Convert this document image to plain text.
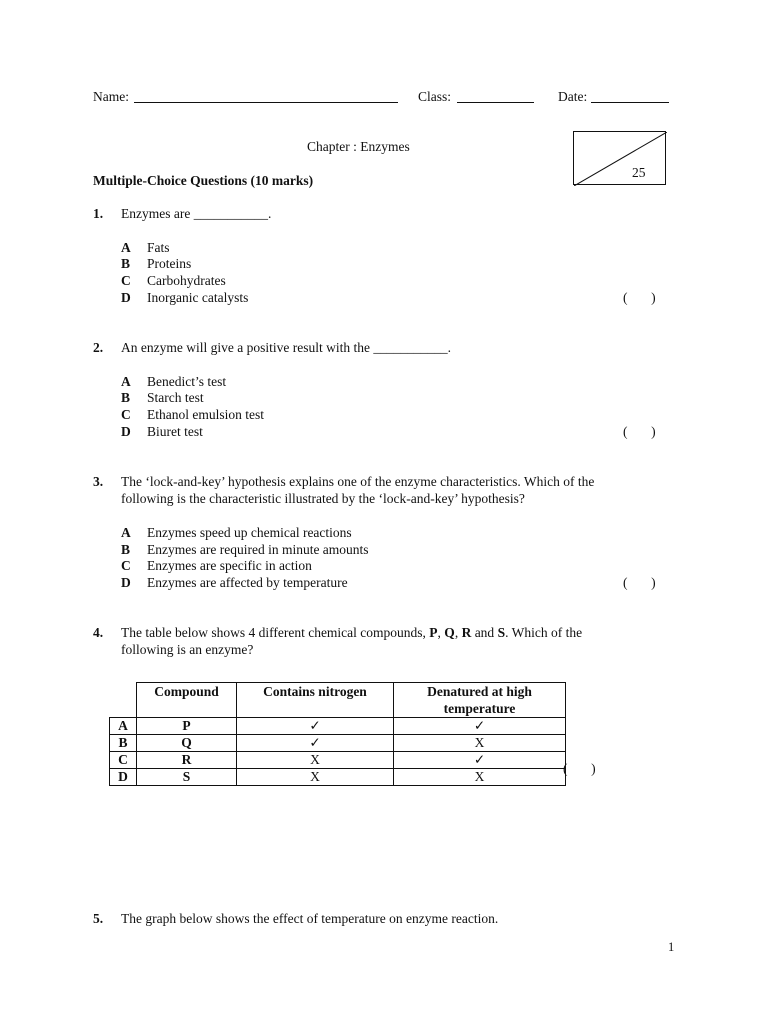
Name:	Class:	Date:
Chapter : Enzymes
25
Multiple-Choice Questions (10 marks)
1. Enzymes are ___________.
A Fats
B Proteins
C Carbohydrates
D Inorganic catalysts	(       )
2. An enzyme will give a positive result with the ___________.
A Benedict’s test
B Starch test
C Ethanol emulsion test
D Biuret test	(       )
3. The ‘lock-and-key’ hypothesis explains one of the enzyme characteristics. Which of the
following is the characteristic illustrated by the ‘lock-and-key’ hypothesis?
A Enzymes speed up chemical reactions
B Enzymes are required in minute amounts
C Enzymes are specific in action
D Enzymes are affected by temperature	(       )
4. The table below shows 4 different chemical compounds, P, Q, R and S. Which of the
following is an enzyme?
	Compound	Contains nitrogen	Denatured at high temperature
A	P	✓	✓
B	Q	✓	X
C	R	X	✓
D	S	X	X
(       )
5. The graph below shows the effect of temperature on enzyme reaction.
1
